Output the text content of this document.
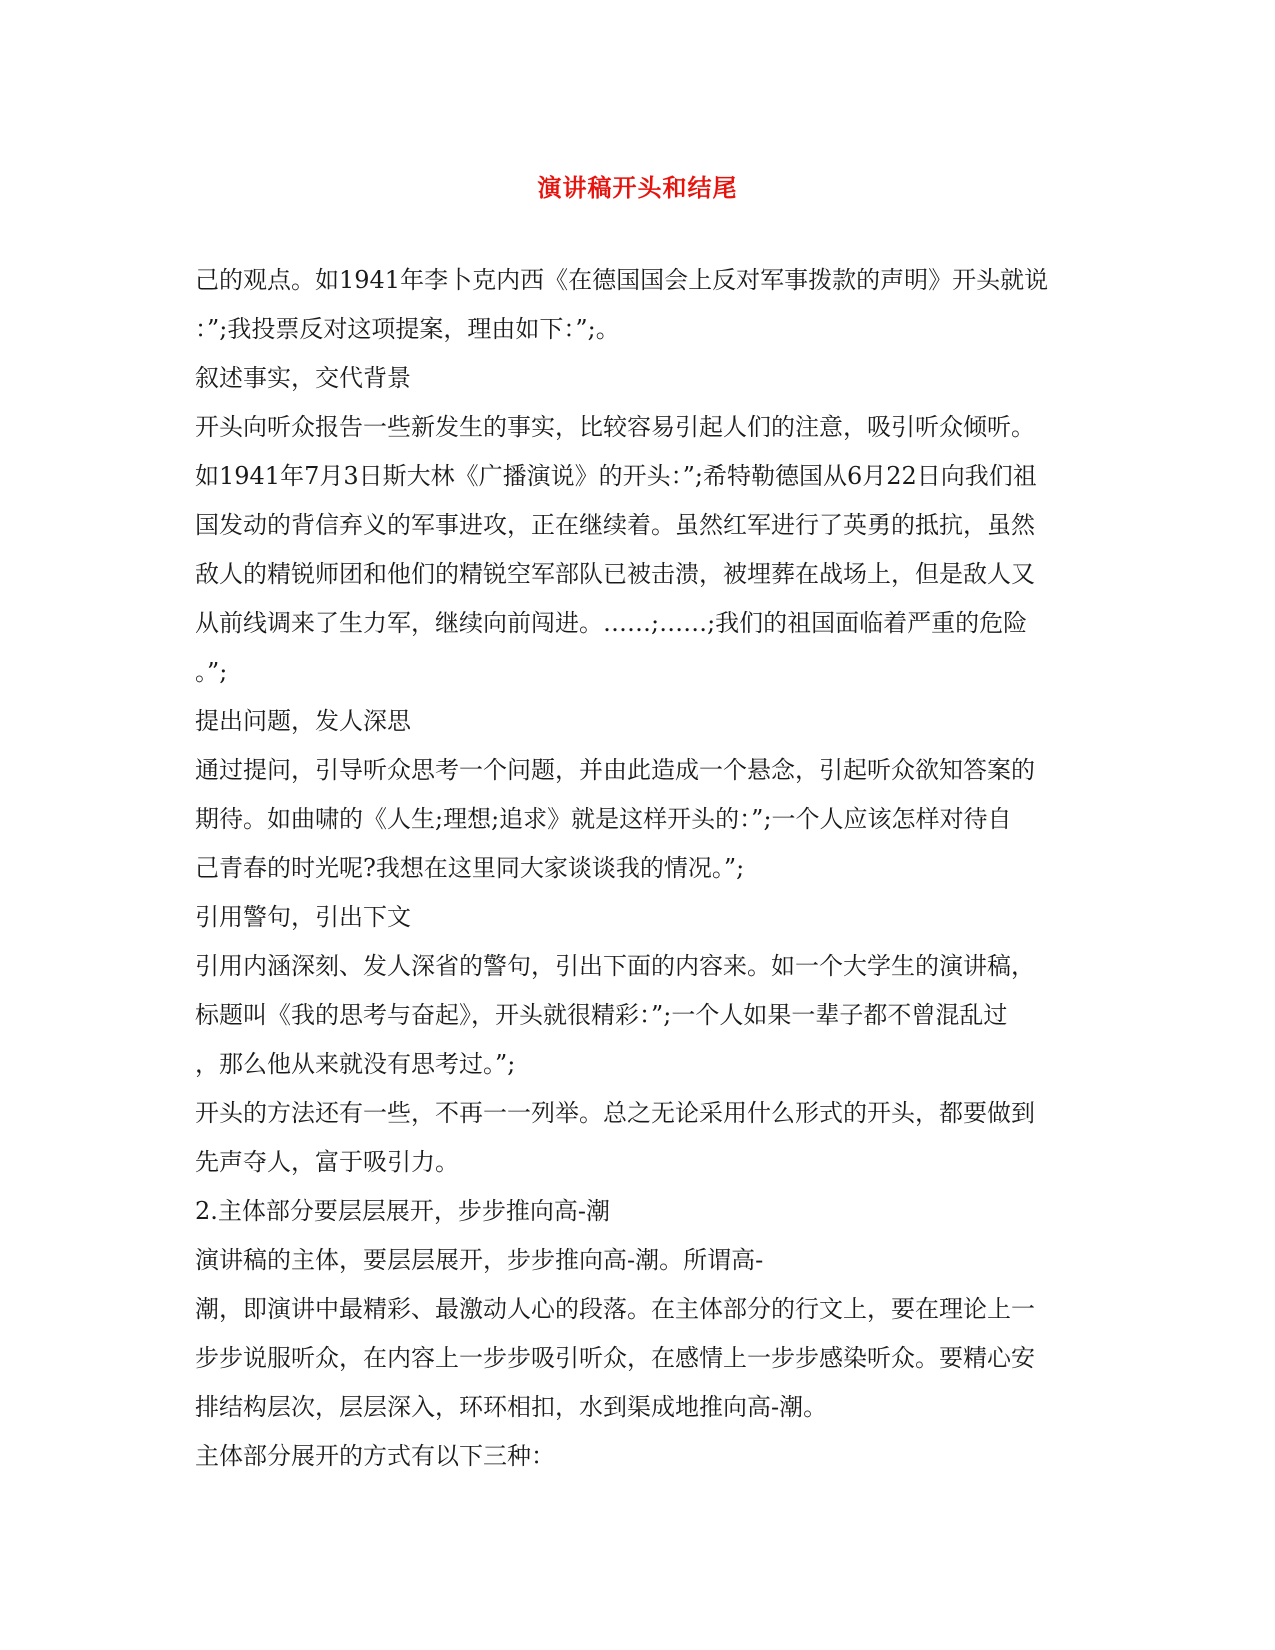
演讲稿开头和结尾
己的观点。如1941年李卜克内西《在德国国会上反对军事拨款的声明》开头就说
：”;我投票反对这项提案，理由如下：”;。
叙述事实，交代背景
开头向听众报告一些新发生的事实，比较容易引起人们的注意，吸引听众倾听。
如1941年7月3日斯大林《广播演说》的开头：”;希特勒德国从6月22日向我们祖
国发动的背信弃义的军事进攻，正在继续着。虽然红军进行了英勇的抵抗，虽然
敌人的精锐师团和他们的精锐空军部队已被击溃，被埋葬在战场上，但是敌人又
从前线调来了生力军，继续向前闯进。……;……;我们的祖国面临着严重的危险
。”;
提出问题，发人深思
通过提问，引导听众思考一个问题，并由此造成一个悬念，引起听众欲知答案的
期待。如曲啸的《人生;理想;追求》就是这样开头的：”;一个人应该怎样对待自
己青春的时光呢?我想在这里同大家谈谈我的情况。”;
引用警句，引出下文
引用内涵深刻、发人深省的警句，引出下面的内容来。如一个大学生的演讲稿，
标题叫《我的思考与奋起》，开头就很精彩：”;一个人如果一辈子都不曾混乱过
，那么他从来就没有思考过。”;
开头的方法还有一些，不再一一列举。总之无论采用什么形式的开头，都要做到
先声夺人，富于吸引力。
2.主体部分要层层展开，步步推向高-潮
演讲稿的主体，要层层展开，步步推向高-潮。所谓高-
潮，即演讲中最精彩、最激动人心的段落。在主体部分的行文上，要在理论上一
步步说服听众，在内容上一步步吸引听众，在感情上一步步感染听众。要精心安
排结构层次，层层深入，环环相扣，水到渠成地推向高-潮。
主体部分展开的方式有以下三种：
